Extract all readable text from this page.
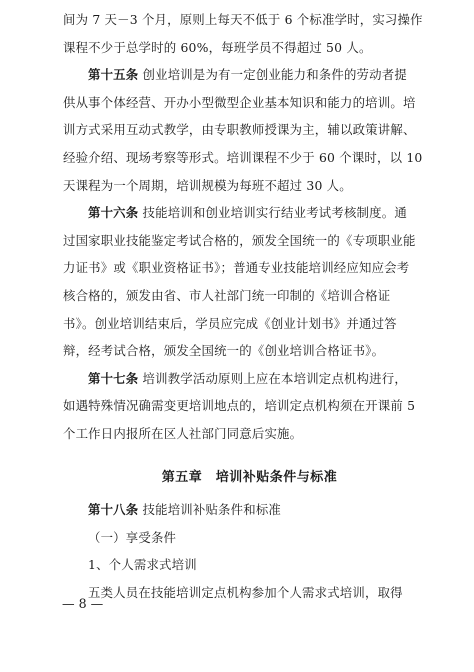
间为 7 天－3 个月，原则上每天不低于 6 个标准学时，实习操作
课程不少于总学时的 60%，每班学员不得超过 50 人。
第十五条 创业培训是为有一定创业能力和条件的劳动者提
供从事个体经营、开办小型微型企业基本知识和能力的培训。培
训方式采用互动式教学，由专职教师授课为主，辅以政策讲解、
经验介绍、现场考察等形式。培训课程不少于 60 个课时，以 10
天课程为一个周期，培训规模为每班不超过 30 人。
第十六条 技能培训和创业培训实行结业考试考核制度。通
过国家职业技能鉴定考试合格的，颁发全国统一的《专项职业能
力证书》或《职业资格证书》；普通专业技能培训经应知应会考
核合格的，颁发由省、市人社部门统一印制的《培训合格证
书》。创业培训结束后，学员应完成《创业计划书》并通过答
辩，经考试合格，颁发全国统一的《创业培训合格证书》。
第十七条 培训教学活动原则上应在本培训定点机构进行，
如遇特殊情况确需变更培训地点的，培训定点机构须在开课前 5
个工作日内报所在区人社部门同意后实施。
第五章　培训补贴条件与标准
第十八条 技能培训补贴条件和标准
（一）享受条件
1、个人需求式培训
五类人员在技能培训定点机构参加个人需求式培训，取得
— 8 —
